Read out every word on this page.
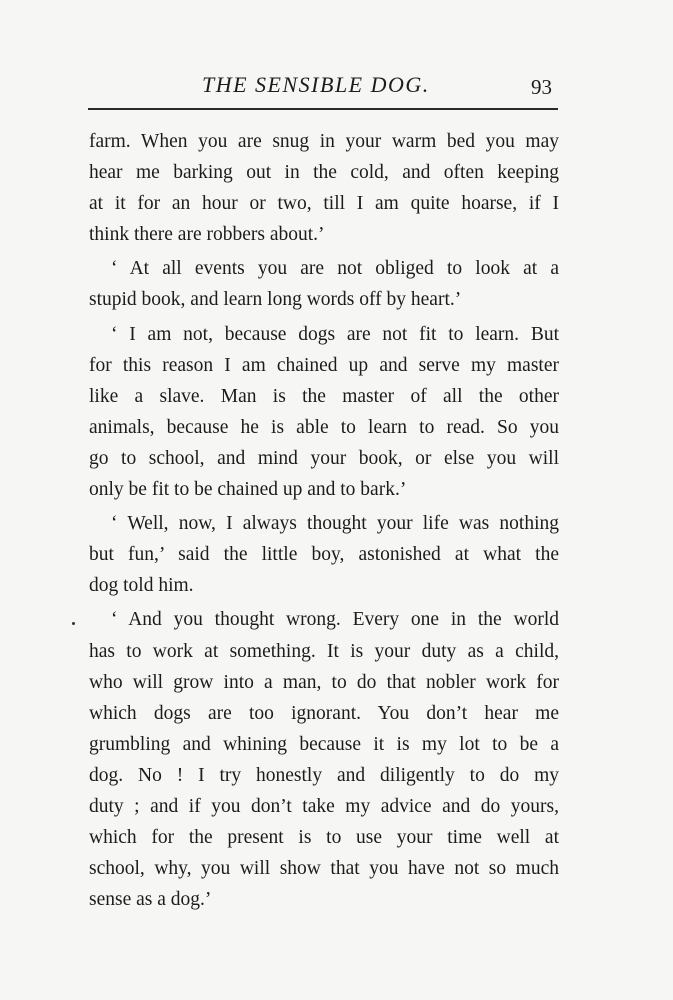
THE SENSIBLE DOG.	93
farm. When you are snug in your warm bed you may
hear me barking out in the cold, and often keeping
at it for an hour or two, till I am quite hoarse, if I
think there are robbers about.’
‘ At all events you are not obliged to look at a
stupid book, and learn long words off by heart.’
‘ I am not, because dogs are not fit to learn. But
for this reason I am chained up and serve my master
like a slave. Man is the master of all the other
animals, because he is able to learn to read. So you
go to school, and mind your book, or else you will
only be fit to be chained up and to bark.’
‘ Well, now, I always thought your life was nothing
but fun,’ said the little boy, astonished at what the
dog told him.
‘ And you thought wrong. Every one in the world
has to work at something. It is your duty as a child,
who will grow into a man, to do that nobler work for
which dogs are too ignorant. You don’t hear me
grumbling and whining because it is my lot to be a
dog. No ! I try honestly and diligently to do my
duty ; and if you don’t take my advice and do yours,
which for the present is to use your time well at
school, why, you will show that you have not so much
sense as a dog.’
